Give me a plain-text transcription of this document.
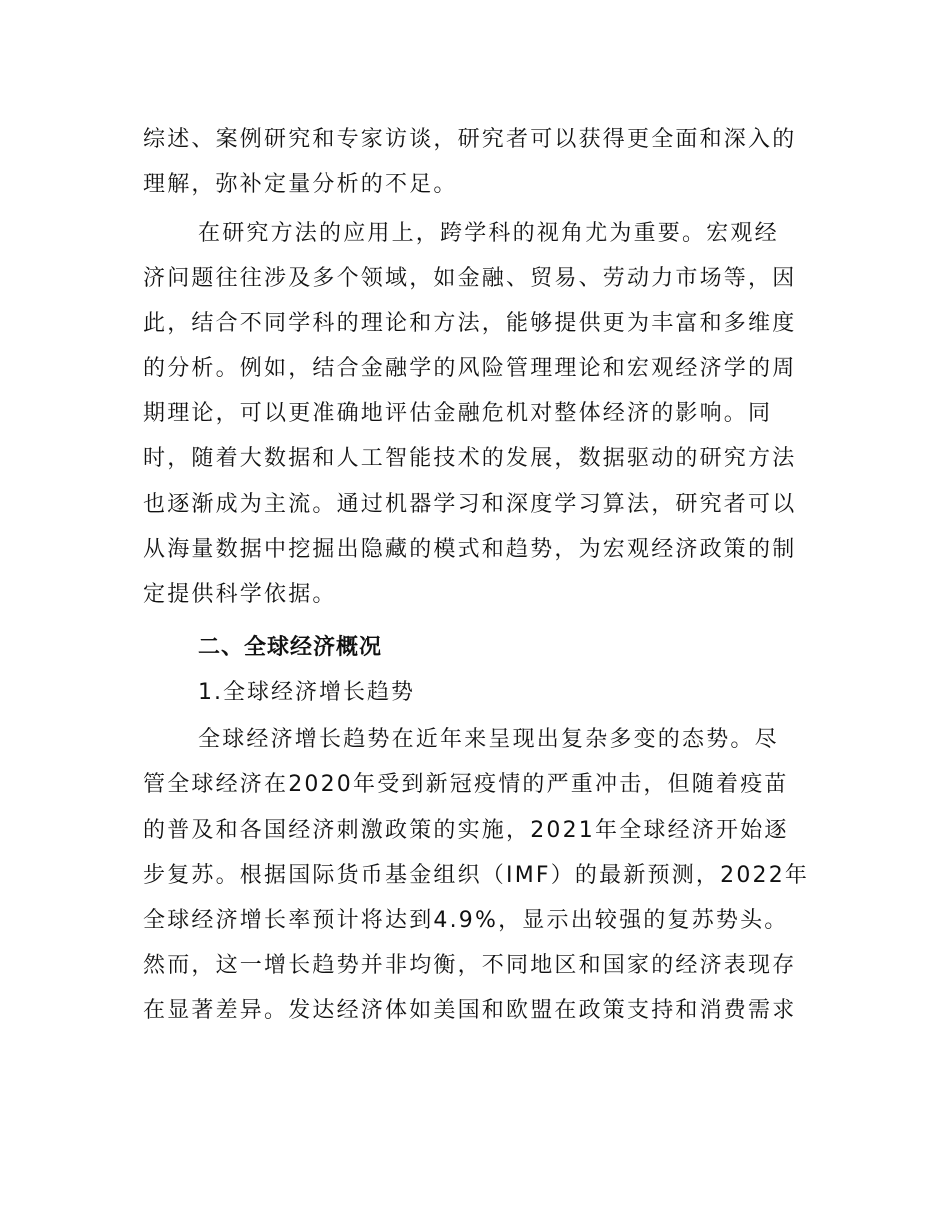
综述、案例研究和专家访谈，研究者可以获得更全面和深入的
理解，弥补定量分析的不足。
在研究方法的应用上，跨学科的视角尤为重要。宏观经
济问题往往涉及多个领域，如金融、贸易、劳动力市场等，因
此，结合不同学科的理论和方法，能够提供更为丰富和多维度
的分析。例如，结合金融学的风险管理理论和宏观经济学的周
期理论，可以更准确地评估金融危机对整体经济的影响。同
时，随着大数据和人工智能技术的发展，数据驱动的研究方法
也逐渐成为主流。通过机器学习和深度学习算法，研究者可以
从海量数据中挖掘出隐藏的模式和趋势，为宏观经济政策的制
定提供科学依据。
二、全球经济概况
1.全球经济增长趋势
全球经济增长趋势在近年来呈现出复杂多变的态势。尽
管全球经济在2020年受到新冠疫情的严重冲击，但随着疫苗
的普及和各国经济刺激政策的实施，2021年全球经济开始逐
步复苏。根据国际货币基金组织（IMF）的最新预测，2022年
全球经济增长率预计将达到4.9%，显示出较强的复苏势头。
然而，这一增长趋势并非均衡，不同地区和国家的经济表现存
在显著差异。发达经济体如美国和欧盟在政策支持和消费需求
